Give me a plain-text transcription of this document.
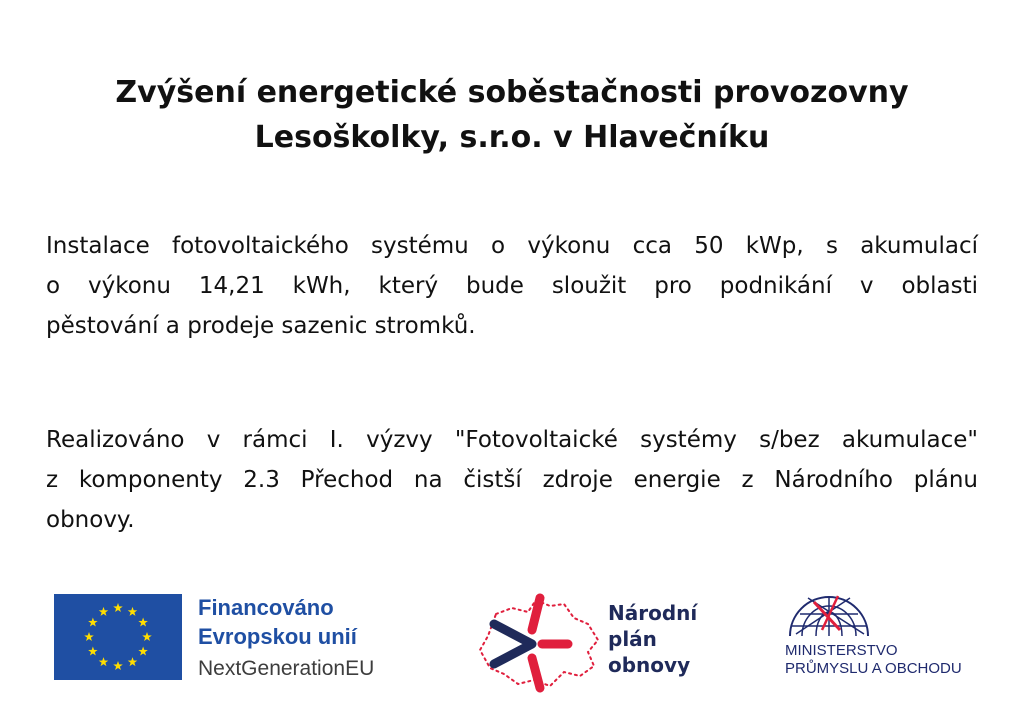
Zvýšení energetické soběstačnosti provozovny
Lesoškolky, s.r.o. v Hlavečníku

Instalace fotovoltaického systému o výkonu cca 50 kWp, s akumulací
o výkonu 14,21 kWh, který bude sloužit pro podnikání v oblasti
pěstování a prodeje sazenic stromků.

Realizováno v rámci I. výzvy "Fotovoltaické systémy s/bez akumulace"
z komponenty 2.3 Přechod na čistší zdroje energie z Národního plánu
obnovy.

Financováno
Evropskou unií
NextGenerationEU
Národní
plán
obnovy
MINISTERSTVO
PRŮMYSLU A OBCHODU
